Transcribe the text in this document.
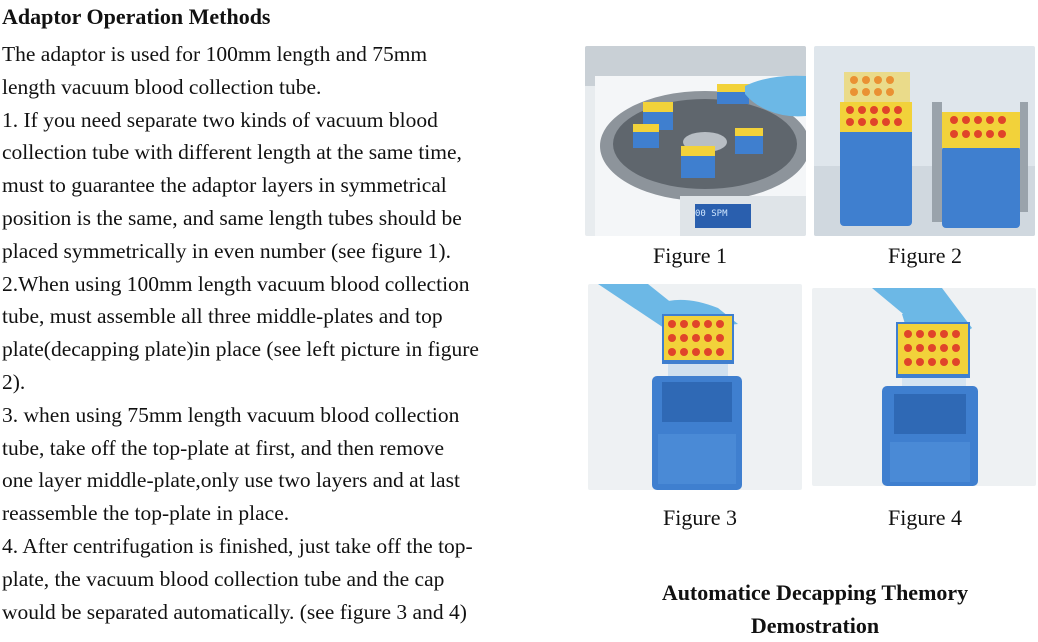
Adaptor Operation Methods
The adaptor is used for 100mm length and 75mm
length vacuum blood collection tube.
1. If you need separate two kinds of vacuum blood
collection tube with different length at the same time,
must to guarantee the adaptor layers in symmetrical
position is the same, and same length tubes should be
placed symmetrically in even number (see figure 1).
2.When using 100mm length vacuum blood collection
tube, must assemble all three middle-plates and top
plate(decapping plate)in place (see left picture in figure
2).
3. when using 75mm length vacuum blood collection
tube, take off the top-plate at first, and then remove
one layer middle-plate,only use two layers and at last
reassemble the top-plate in place.
4. After centrifugation is finished, just take off the top-
plate, the vacuum blood collection tube and the cap
would be separated automatically. (see figure 3 and 4)
00 SPM
Figure 1	Figure 2
Figure 3	Figure 4
Automatice Decapping Themory
Demostration
